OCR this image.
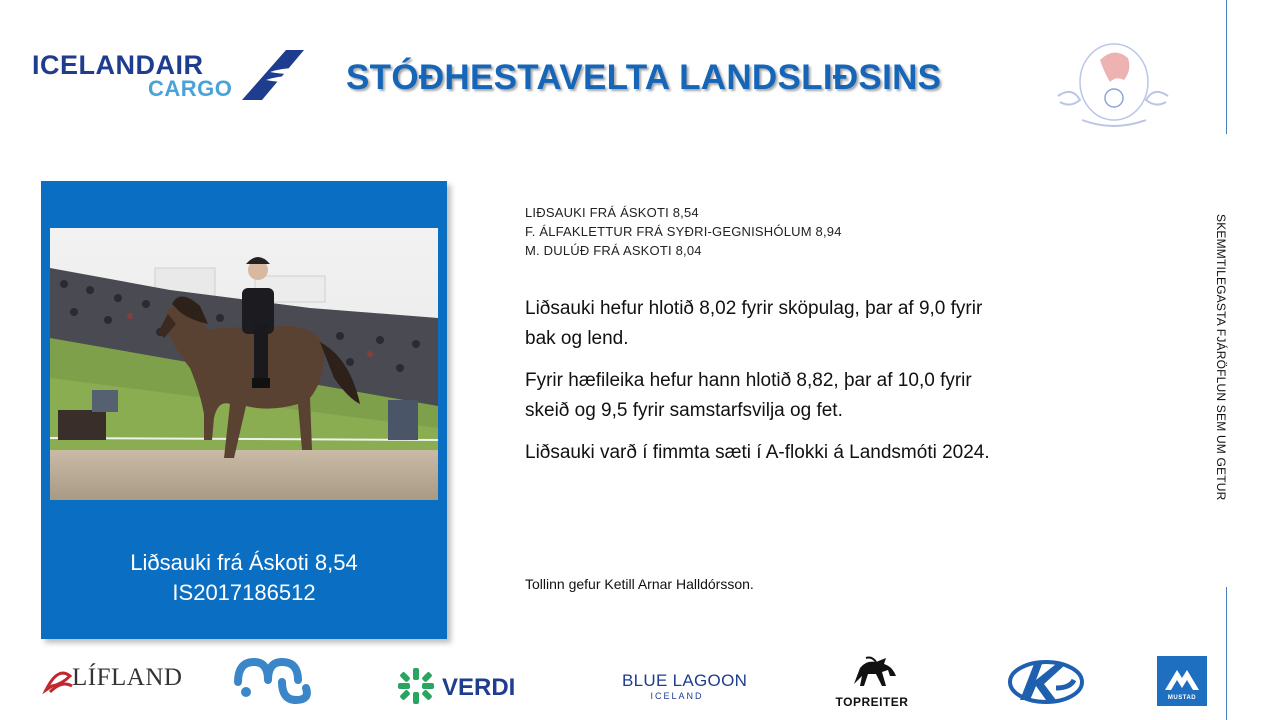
ICELANDAIR
CARGO	STÓÐHESTAVELTA LANDSLIÐSINS
SKEMMTILEGASTA FJÁRÖFLUN SEM UM GETUR
Liðsauki frá Áskoti 8,54
IS2017186512
LIÐSAUKI FRÁ ÁSKOTI 8,54
F. ÁLFAKLETTUR FRÁ SYÐRI-GEGNISHÓLUM 8,94
M. DULÚÐ FRÁ ASKOTI 8,04

Liðsauki hefur hlotið 8,02 fyrir sköpulag, þar af 9,0 fyrir bak og lend.

Fyrir hæfileika hefur hann hlotið 8,82, þar af 10,0 fyrir skeið og 9,5 fyrir samstarfsvilja og fet.

Liðsauki varð í fimmta sæti í A-flokki á Landsmóti 2024.

Tollinn gefur Ketill Arnar Halldórsson.
LÍFLAND	VERDI	BLUE LAGOON
ICELAND	TOPREITER	MUSTAD
